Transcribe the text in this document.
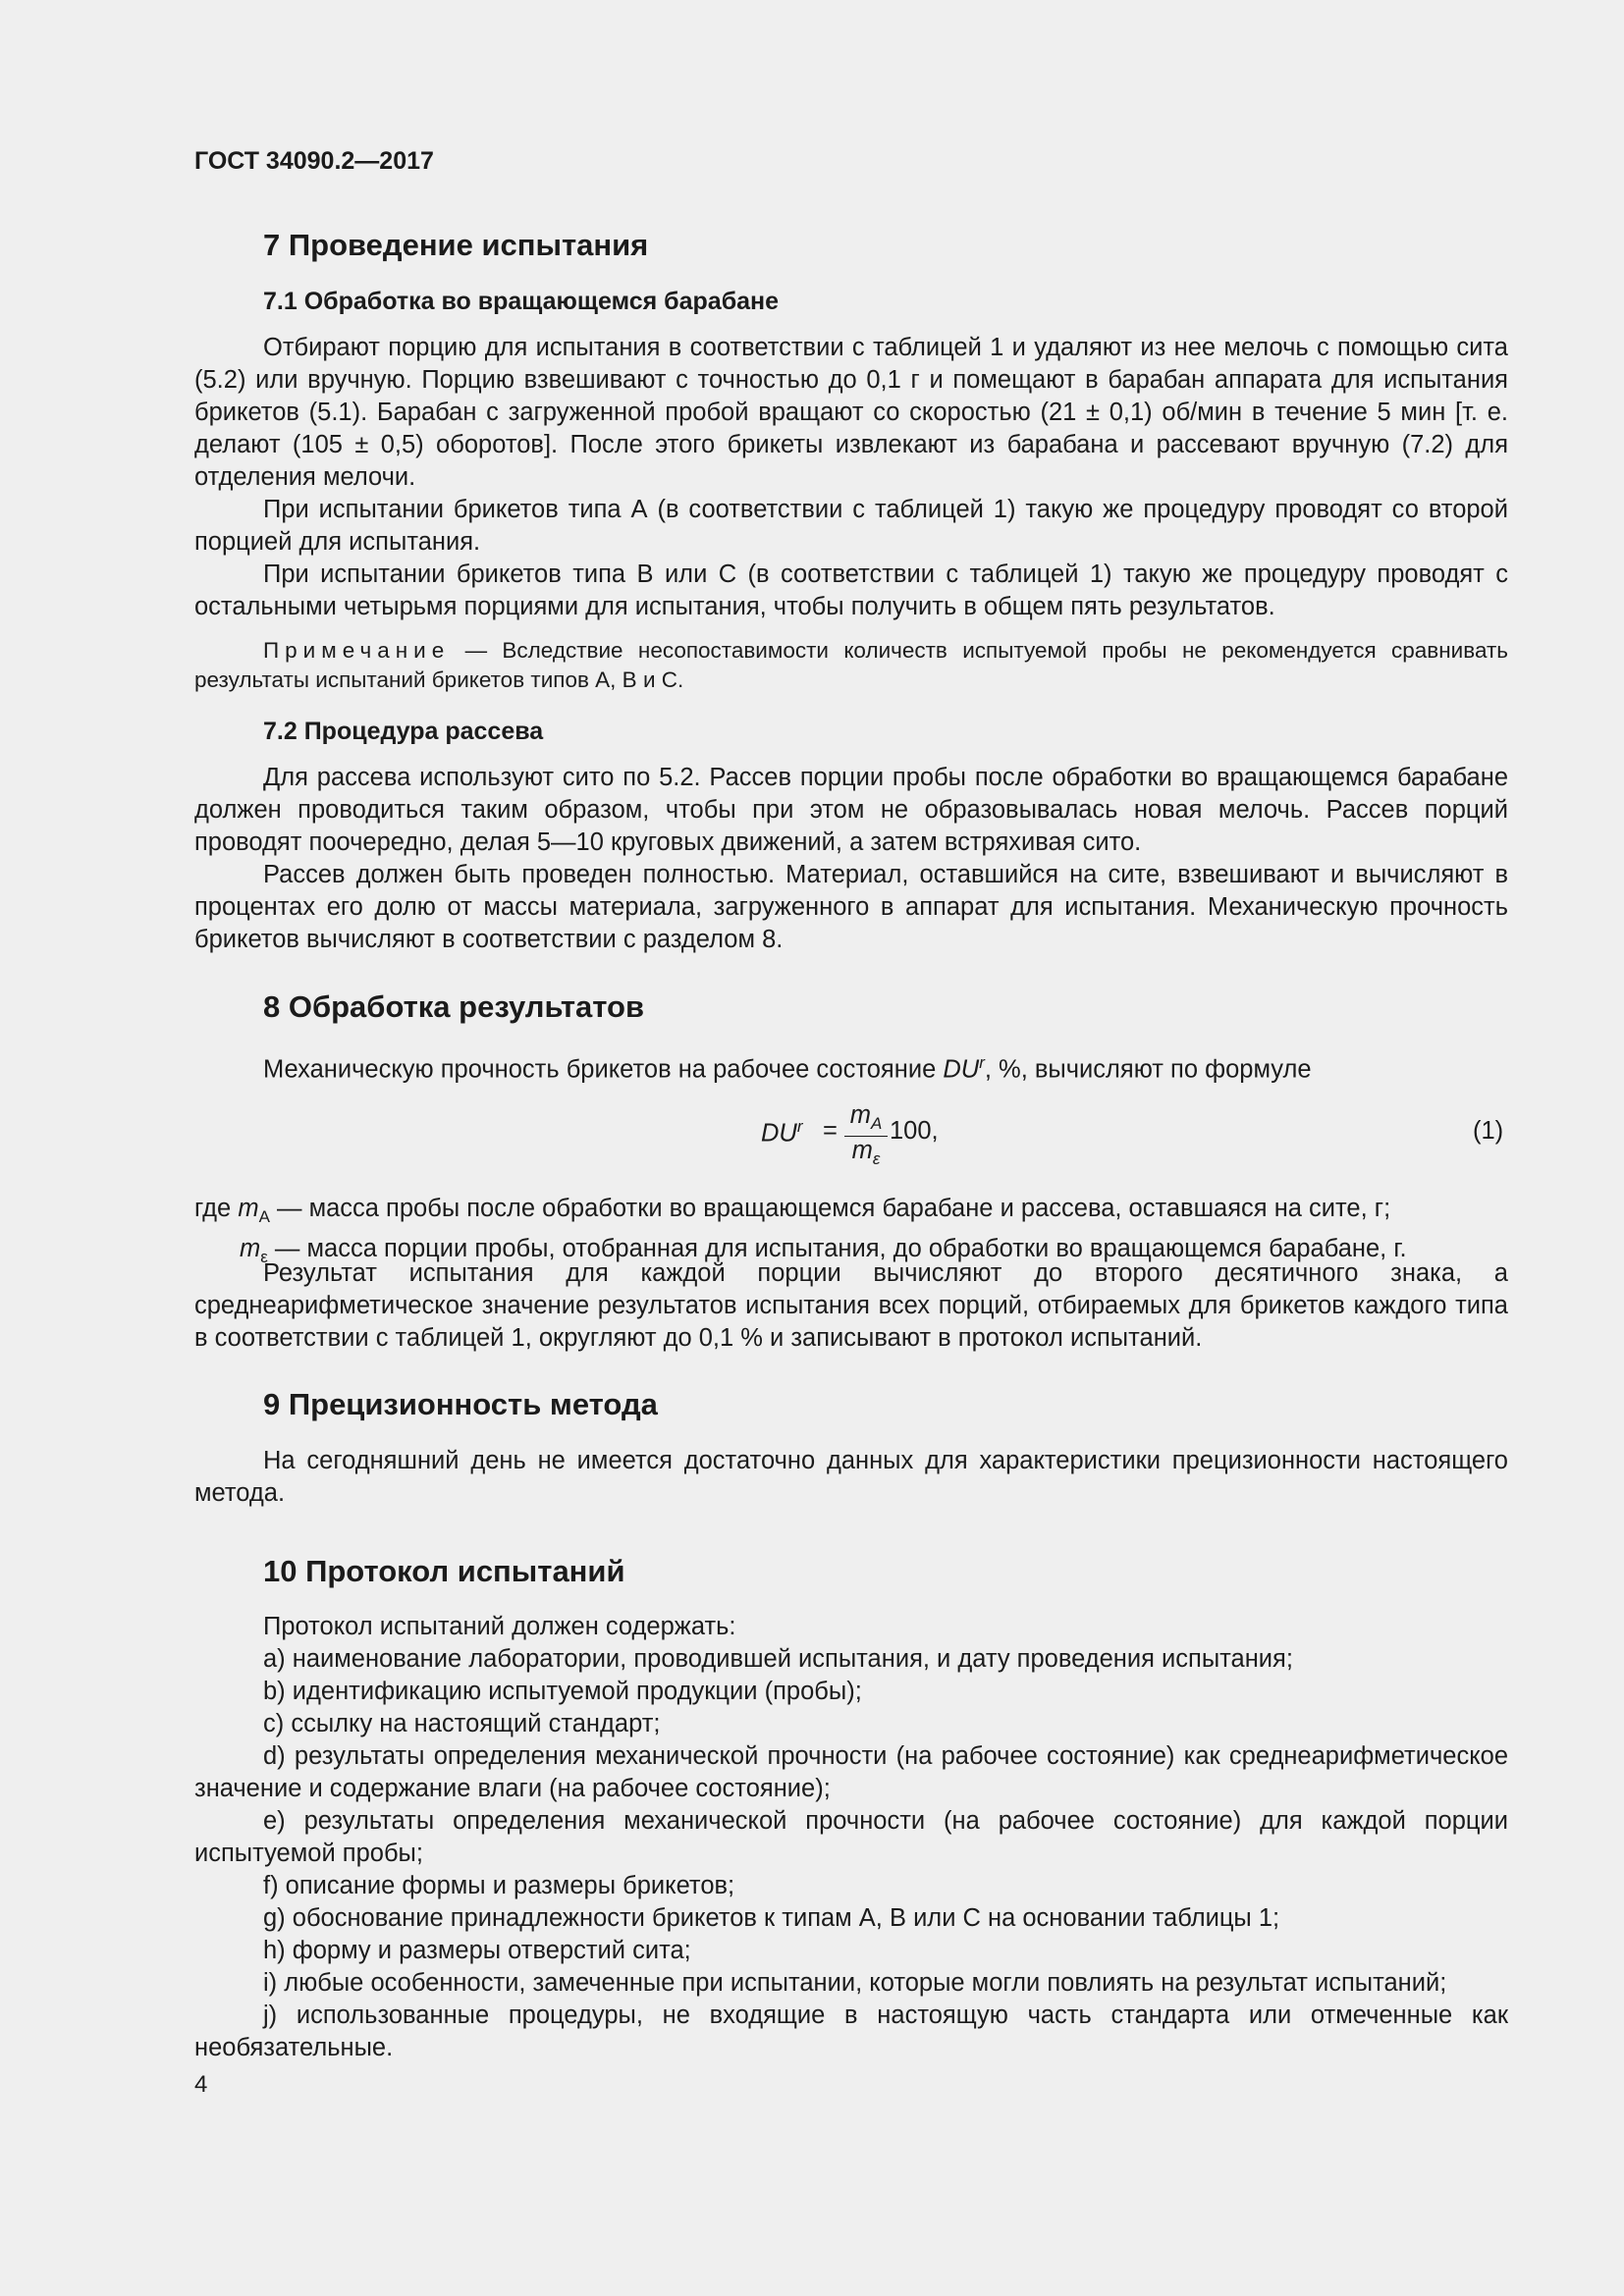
ГОСТ 34090.2—2017
7 Проведение испытания
7.1 Обработка во вращающемся барабане

Отбирают порцию для испытания в соответствии с таблицей 1 и удаляют из нее мелочь с помощью сита (5.2) или вручную. Порцию взвешивают с точностью до 0,1 г и помещают в барабан аппарата для испытания брикетов (5.1). Барабан с загруженной пробой вращают со скоростью (21 ± 0,1) об/мин в течение 5 мин [т. е. делают (105 ± 0,5) оборотов]. После этого брикеты извлекают из барабана и рассевают вручную (7.2) для отделения мелочи.

При испытании брикетов типа А (в соответствии с таблицей 1) такую же процедуру проводят со второй порцией для испытания.

При испытании брикетов типа В или С (в соответствии с таблицей 1) такую же процедуру проводят с остальными четырьмя порциями для испытания, чтобы получить в общем пять результатов.

Примечание — Вследствие несопоставимости количеств испытуемой пробы не рекомендуется сравнивать результаты испытаний брикетов типов А, В и С.

7.2 Процедура рассева

Для рассева используют сито по 5.2. Рассев порции пробы после обработки во вращающемся барабане должен проводиться таким образом, чтобы при этом не образовывалась новая мелочь. Рассев порций проводят поочередно, делая 5—10 круговых движений, а затем встряхивая сито.

Рассев должен быть проведен полностью. Материал, оставшийся на сите, взвешивают и вычисляют в процентах его долю от массы материала, загруженного в аппарат для испытания. Механическую прочность брикетов вычисляют в соответствии с разделом 8.

8 Обработка результатов

Механическую прочность брикетов на рабочее состояние $DU^r$, %, вычисляют по формуле

$DU^r = \frac{m_A}{m_\varepsilon} 100$,	(1)
где $m_A$ — масса пробы после обработки во вращающемся барабане и рассева, оставшаяся на сите, г;
$m_\varepsilon$ — масса порции пробы, отобранная для испытания, до обработки во вращающемся барабане, г.

Результат испытания для каждой порции вычисляют до второго десятичного знака, а среднеарифметическое значение результатов испытания всех порций, отбираемых для брикетов каждого типа в соответствии с таблицей 1, округляют до 0,1 % и записывают в протокол испытаний.

9 Прецизионность метода

На сегодняшний день не имеется достаточно данных для характеристики прецизионности настоящего метода.

10 Протокол испытаний

Протокол испытаний должен содержать:

a) наименование лаборатории, проводившей испытания, и дату проведения испытания;

b) идентификацию испытуемой продукции (пробы);

c) ссылку на настоящий стандарт;

d) результаты определения механической прочности (на рабочее состояние) как среднеарифметическое значение и содержание влаги (на рабочее состояние);

e) результаты определения механической прочности (на рабочее состояние) для каждой порции испытуемой пробы;

f) описание формы и размеры брикетов;

g) обоснование принадлежности брикетов к типам А, В или С на основании таблицы 1;

h) форму и размеры отверстий сита;

i) любые особенности, замеченные при испытании, которые могли повлиять на результат испытаний;

j) использованные процедуры, не входящие в настоящую часть стандарта или отмеченные как необязательные.

4
